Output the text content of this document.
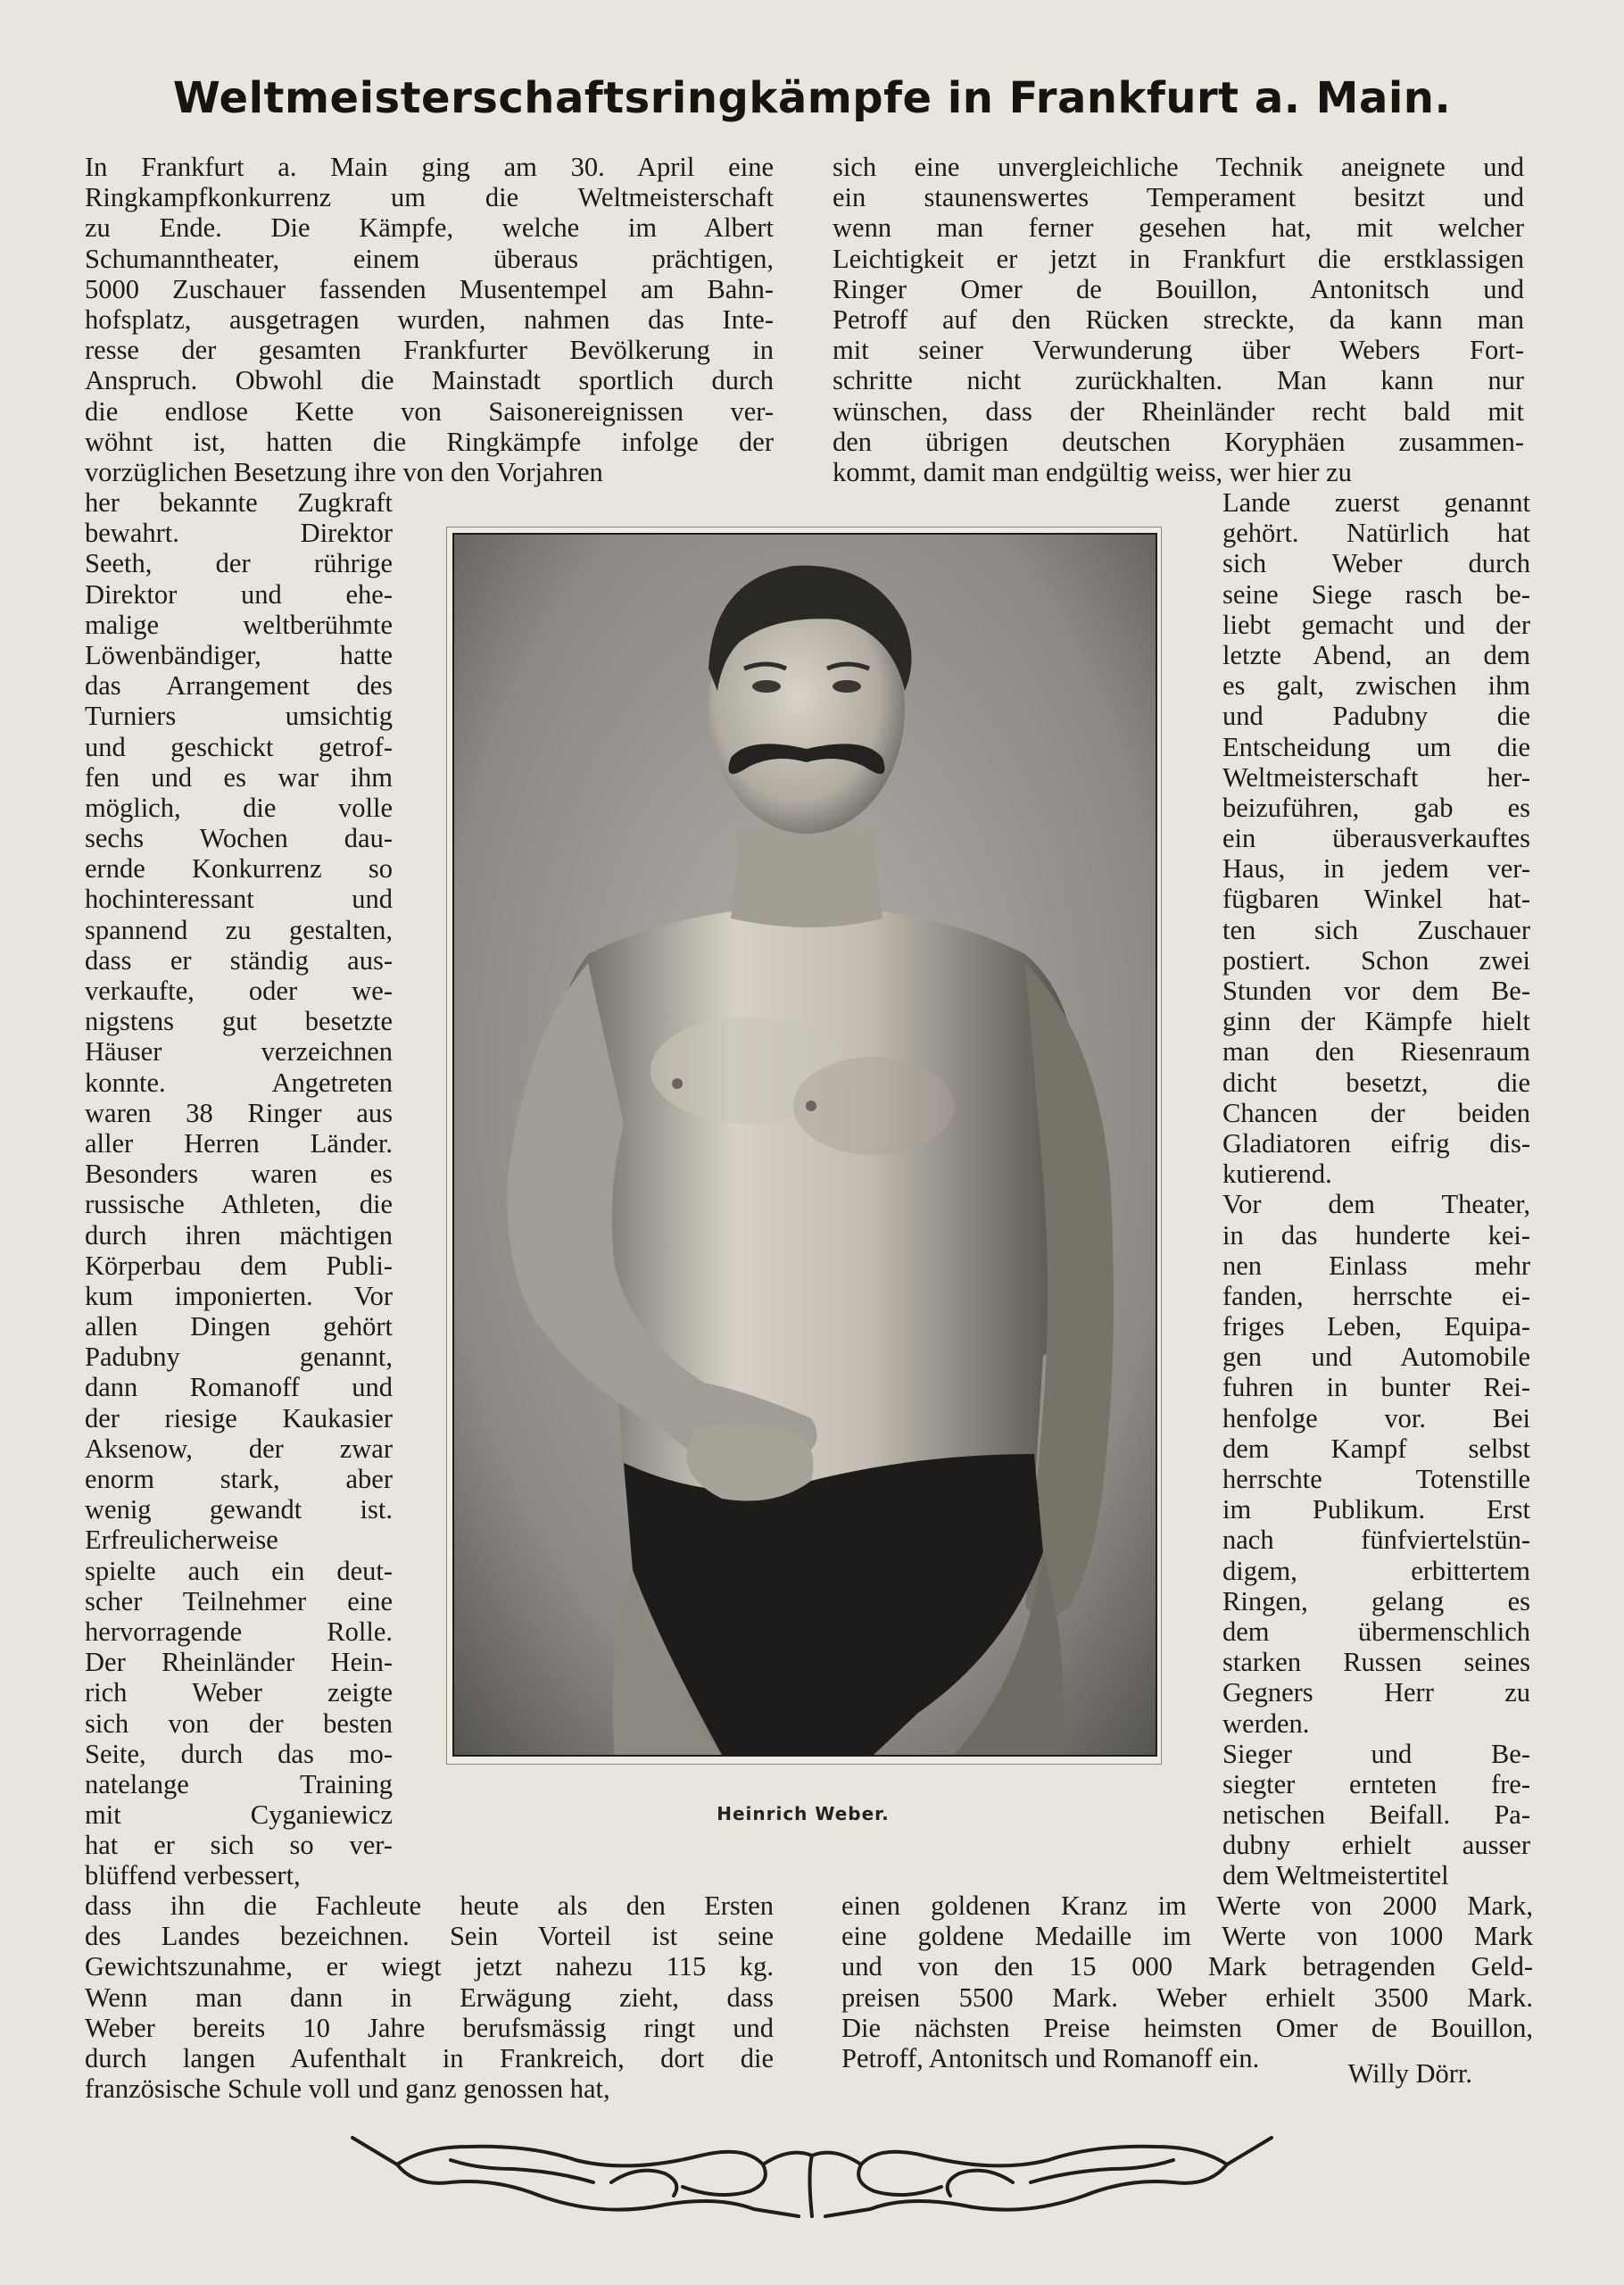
Weltmeisterschaftsringkämpfe in Frankfurt a. Main.
In Frankfurt a. Main ging am 30. April eine
Ringkampfkonkurrenz um die Weltmeisterschaft
zu Ende. Die Kämpfe, welche im Albert
Schumanntheater, einem überaus prächtigen,
5000 Zuschauer fassenden Musentempel am Bahn-
hofsplatz, ausgetragen wurden, nahmen das Inte-
resse der gesamten Frankfurter Bevölkerung in
Anspruch. Obwohl die Mainstadt sportlich durch
die endlose Kette von Saisonereignissen ver-
wöhnt ist, hatten die Ringkämpfe infolge der
vorzüglichen Besetzung ihre von den Vorjahren
her bekannte Zugkraft
bewahrt. Direktor
Seeth, der rührige
Direktor und ehe-
malige weltberühmte
Löwenbändiger, hatte
das Arrangement des
Turniers umsichtig
und geschickt getrof-
fen und es war ihm
möglich, die volle
sechs Wochen dau-
ernde Konkurrenz so
hochinteressant und
spannend zu gestalten,
dass er ständig aus-
verkaufte, oder we-
nigstens gut besetzte
Häuser verzeichnen
konnte. Angetreten
waren 38 Ringer aus
aller Herren Länder.
Besonders waren es
russische Athleten, die
durch ihren mächtigen
Körperbau dem Publi-
kum imponierten. Vor
allen Dingen gehört
Padubny genannt,
dann Romanoff und
der riesige Kaukasier
Aksenow, der zwar
enorm stark, aber
wenig gewandt ist.
Erfreulicherweise
spielte auch ein deut-
scher Teilnehmer eine
hervorragende Rolle.
Der Rheinländer Hein-
rich Weber zeigte
sich von der besten
Seite, durch das mo-
natelange Training
mit Cyganiewicz
hat er sich so ver-
blüffend verbessert,
dass ihn die Fachleute heute als den Ersten
des Landes bezeichnen. Sein Vorteil ist seine
Gewichtszunahme, er wiegt jetzt nahezu 115 kg.
Wenn man dann in Erwägung zieht, dass
Weber bereits 10 Jahre berufsmässig ringt und
durch langen Aufenthalt in Frankreich, dort die
französische Schule voll und ganz genossen hat,
sich eine unvergleichliche Technik aneignete und
ein staunenswertes Temperament besitzt und
wenn man ferner gesehen hat, mit welcher
Leichtigkeit er jetzt in Frankfurt die erstklassigen
Ringer Omer de Bouillon, Antonitsch und
Petroff auf den Rücken streckte, da kann man
mit seiner Verwunderung über Webers Fort-
schritte nicht zurückhalten. Man kann nur
wünschen, dass der Rheinländer recht bald mit
den übrigen deutschen Koryphäen zusammen-
kommt, damit man endgültig weiss, wer hier zu
Lande zuerst genannt
gehört. Natürlich hat
sich Weber durch
seine Siege rasch be-
liebt gemacht und der
letzte Abend, an dem
es galt, zwischen ihm
und Padubny die
Entscheidung um die
Weltmeisterschaft her-
beizuführen, gab es
ein überausverkauftes
Haus, in jedem ver-
fügbaren Winkel hat-
ten sich Zuschauer
postiert. Schon zwei
Stunden vor dem Be-
ginn der Kämpfe hielt
man den Riesenraum
dicht besetzt, die
Chancen der beiden
Gladiatoren eifrig dis-
kutierend.
Vor dem Theater,
in das hunderte kei-
nen Einlass mehr
fanden, herrschte ei-
friges Leben, Equipa-
gen und Automobile
fuhren in bunter Rei-
henfolge vor. Bei
dem Kampf selbst
herrschte Totenstille
im Publikum. Erst
nach fünfviertelstün-
digem, erbittertem
Ringen, gelang es
dem übermenschlich
starken Russen seines
Gegners Herr zu
werden.
Sieger und Be-
siegter ernteten fre-
netischen Beifall. Pa-
dubny erhielt ausser
dem Weltmeistertitel
einen goldenen Kranz im Werte von 2000 Mark,
eine goldene Medaille im Werte von 1000 Mark
und von den 15 000 Mark betragenden Geld-
preisen 5500 Mark. Weber erhielt 3500 Mark.
Die nächsten Preise heimsten Omer de Bouillon,
Petroff, Antonitsch und Romanoff ein.
Willy Dörr.
Heinrich Weber.
